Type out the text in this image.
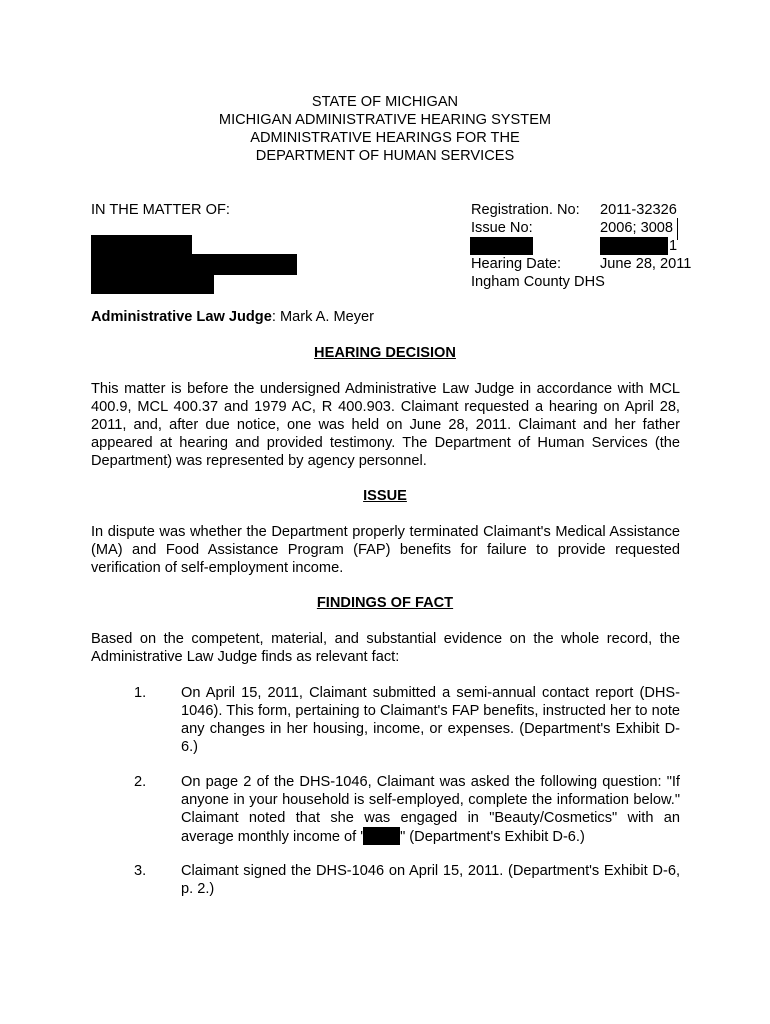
STATE OF MICHIGAN
MICHIGAN ADMINISTRATIVE HEARING SYSTEM
ADMINISTRATIVE HEARINGS FOR THE
DEPARTMENT OF HUMAN SERVICES
IN THE MATTER OF:	Registration. No: 2011-32326
Issue No:	2006; 3008
1
Hearing Date:	June 28, 2011
Ingham County DHS
Administrative Law Judge: Mark A. Meyer
HEARING DECISION
This matter is before the undersigned Administrative Law Judge in accordance with MCL 400.9, MCL 400.37 and 1979 AC, R 400.903. Claimant requested a hearing on April 28, 2011, and, after due notice, one was held on June 28, 2011. Claimant and her father appeared at hearing and provided testimony. The Department of Human Services (the Department) was represented by agency personnel.
ISSUE
In dispute was whether the Department properly terminated Claimant's Medical Assistance (MA) and Food Assistance Program (FAP) benefits for failure to provide requested verification of self-employment income.
FINDINGS OF FACT
Based on the competent, material, and substantial evidence on the whole record, the Administrative Law Judge finds as relevant fact:
1. On April 15, 2011, Claimant submitted a semi-annual contact report (DHS-1046). This form, pertaining to Claimant's FAP benefits, instructed her to note any changes in her housing, income, or expenses. (Department's Exhibit D-6.)
2. On page 2 of the DHS-1046, Claimant was asked the following question: "If anyone in your household is self-employed, complete the information below." Claimant noted that she was engaged in "Beauty/Cosmetics" with an average monthly income of '	" (Department's Exhibit D-6.)
3. Claimant signed the DHS-1046 on April 15, 2011. (Department's Exhibit D-6, p. 2.)
